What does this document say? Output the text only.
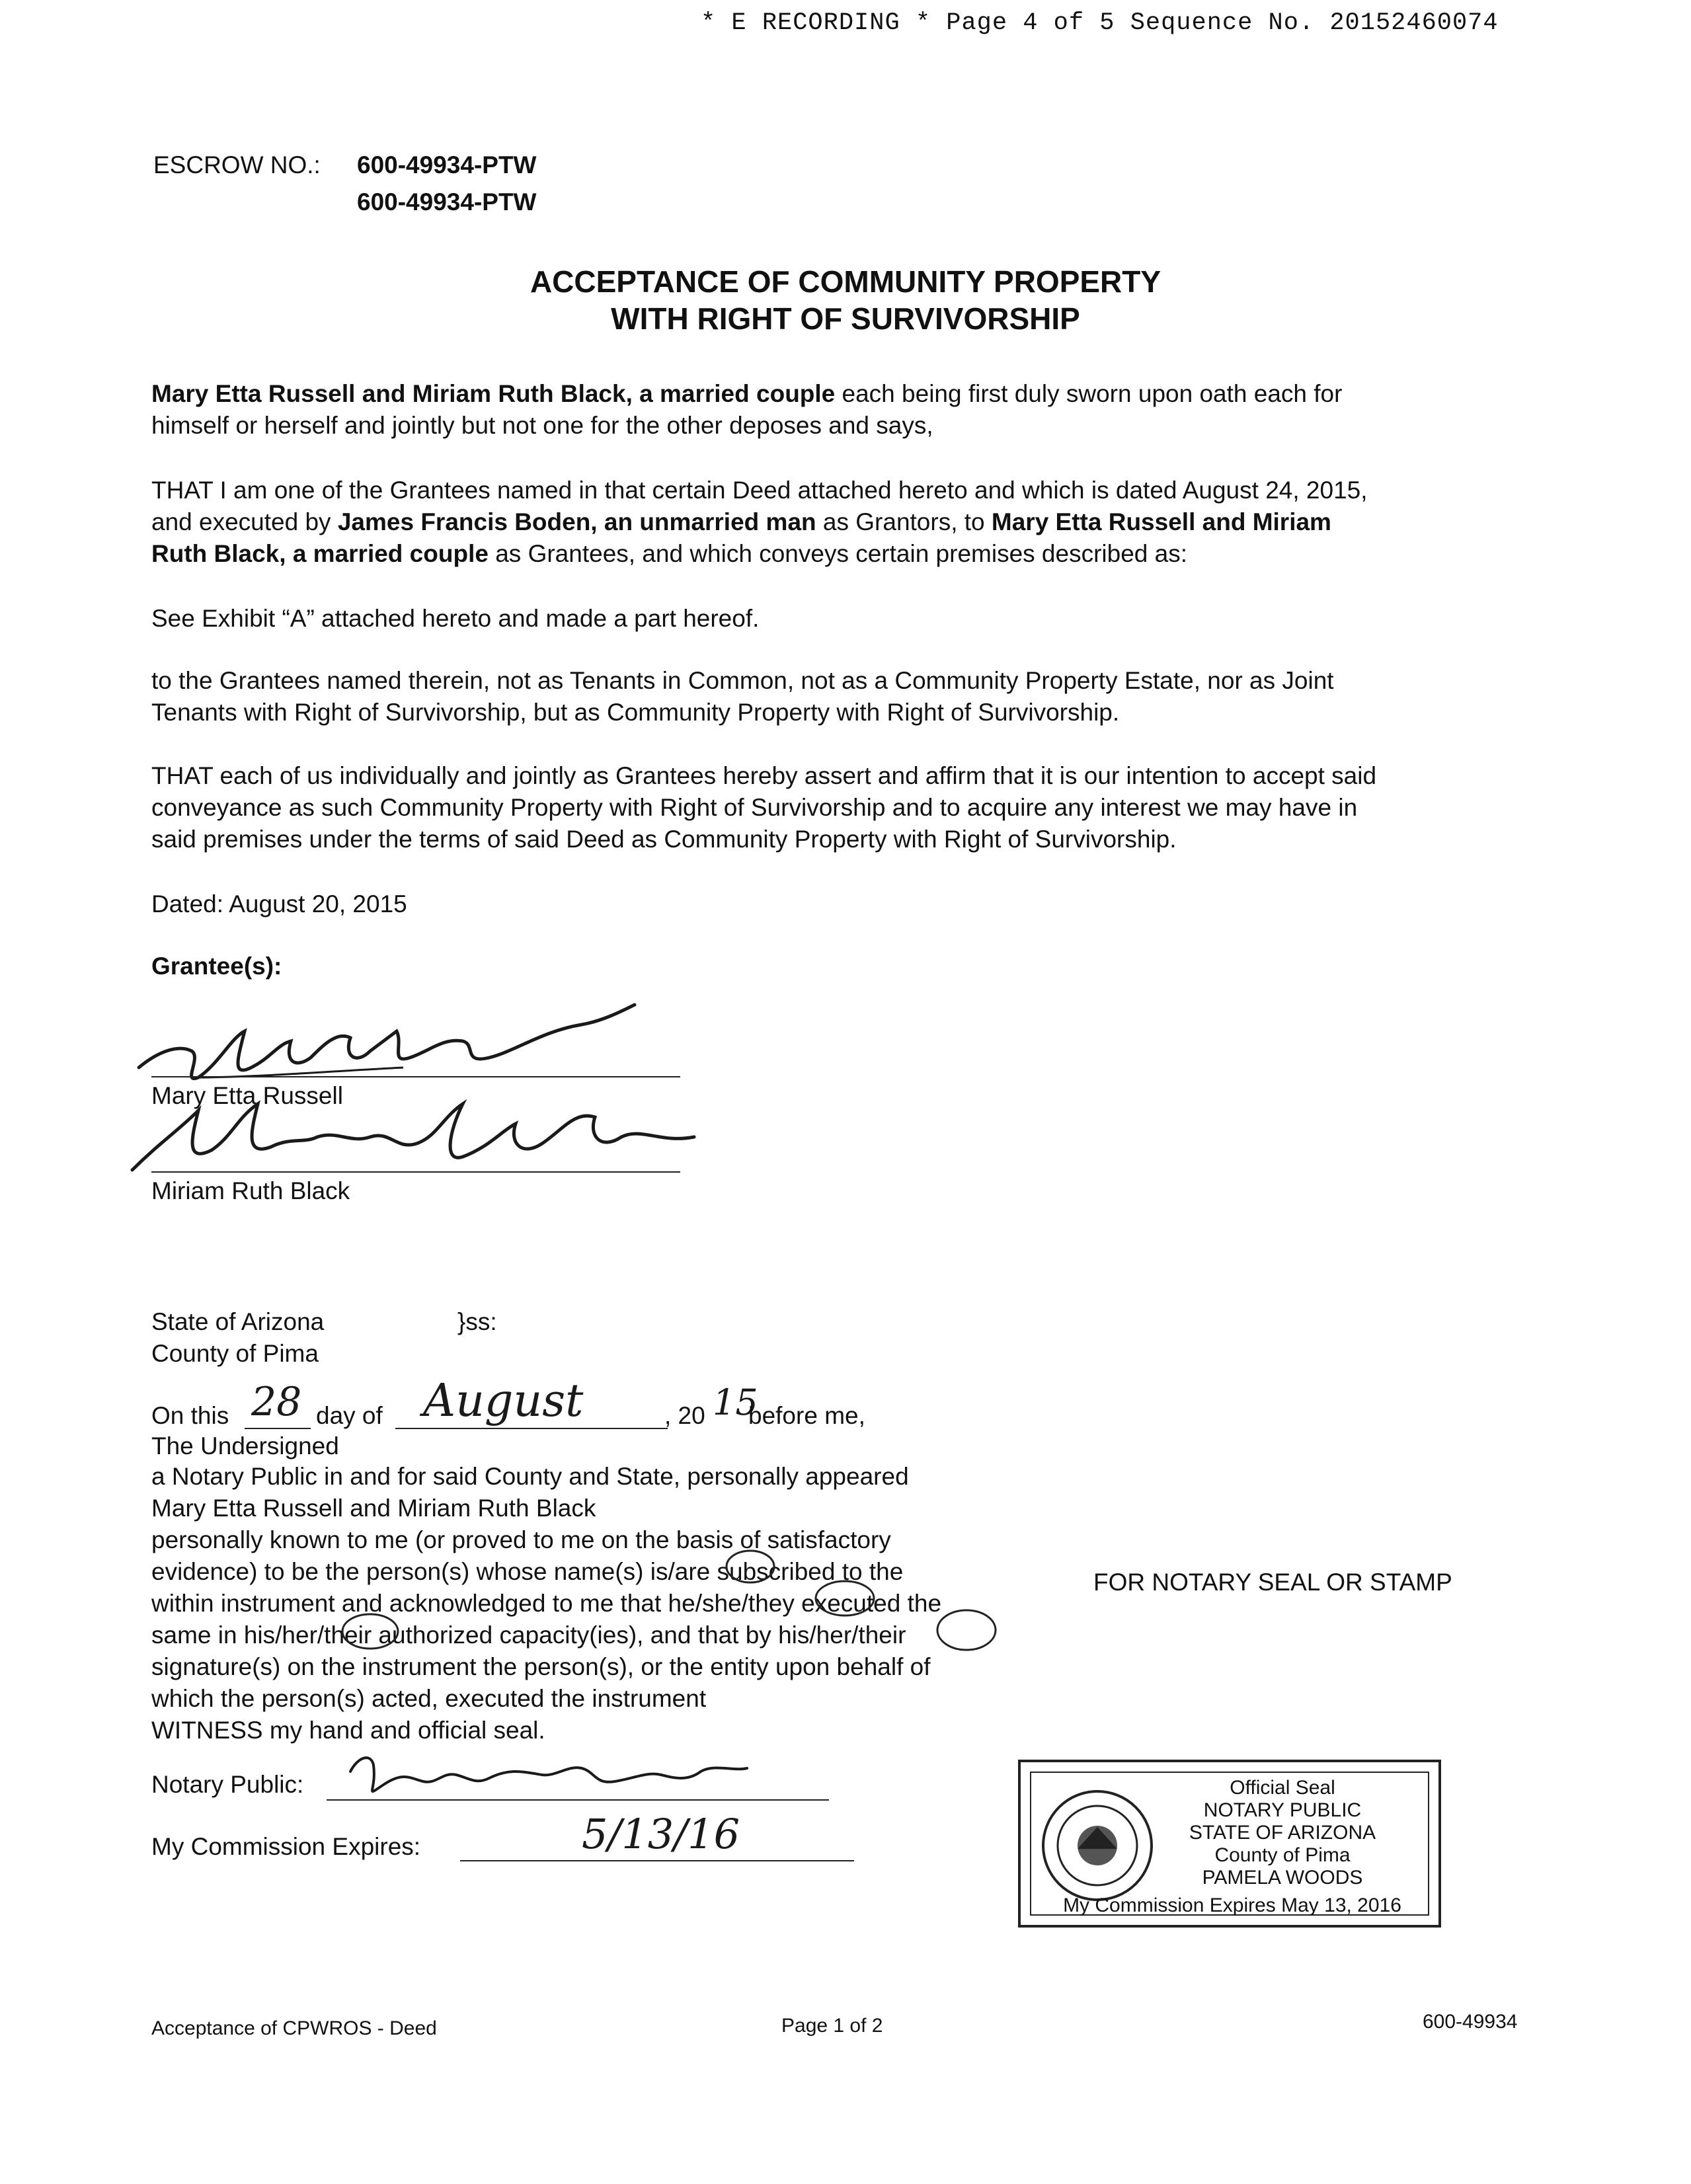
* E RECORDING * Page 4 of 5 Sequence No. 20152460074
ESCROW NO.: 600-49934-PTW
600-49934-PTW
ACCEPTANCE OF COMMUNITY PROPERTY
WITH RIGHT OF SURVIVORSHIP
Mary Etta Russell and Miriam Ruth Black, a married couple each being first duly sworn upon oath each for
himself or herself and jointly but not one for the other deposes and says,
THAT I am one of the Grantees named in that certain Deed attached hereto and which is dated August 24, 2015,
and executed by James Francis Boden, an unmarried man as Grantors, to Mary Etta Russell and Miriam
Ruth Black, a married couple as Grantees, and which conveys certain premises described as:
See Exhibit “A” attached hereto and made a part hereof.
to the Grantees named therein, not as Tenants in Common, not as a Community Property Estate, nor as Joint
Tenants with Right of Survivorship, but as Community Property with Right of Survivorship.
THAT each of us individually and jointly as Grantees hereby assert and affirm that it is our intention to accept said
conveyance as such Community Property with Right of Survivorship and to acquire any interest we may have in
said premises under the terms of said Deed as Community Property with Right of Survivorship.
Dated: August 20, 2015
Grantee(s):
Mary Etta Russell
Miriam Ruth Black
State of Arizona	}ss:
County of Pima
On this 28 day of August	, 20 15
before me,
The Undersigned
a Notary Public in and for said County and State, personally appeared
Mary Etta Russell and Miriam Ruth Black
personally known to me (or proved to me on the basis of satisfactory
evidence) to be the person(s) whose name(s) is/are subscribed to the
within instrument and acknowledged to me that he/she/they executed the
same in his/her/their authorized capacity(ies), and that by his/her/their
signature(s) on the instrument the person(s), or the entity upon behalf of
which the person(s) acted, executed the instrument
WITNESS my hand and official seal.
FOR NOTARY SEAL OR STAMP
Notary Public:
My Commission Expires:	5/13/16
Official Seal
NOTARY PUBLIC
STATE OF ARIZONA
County of Pima
PAMELA WOODS
My Commission Expires May 13, 2016
Acceptance of CPWROS - Deed	Page 1 of 2	600-49934
